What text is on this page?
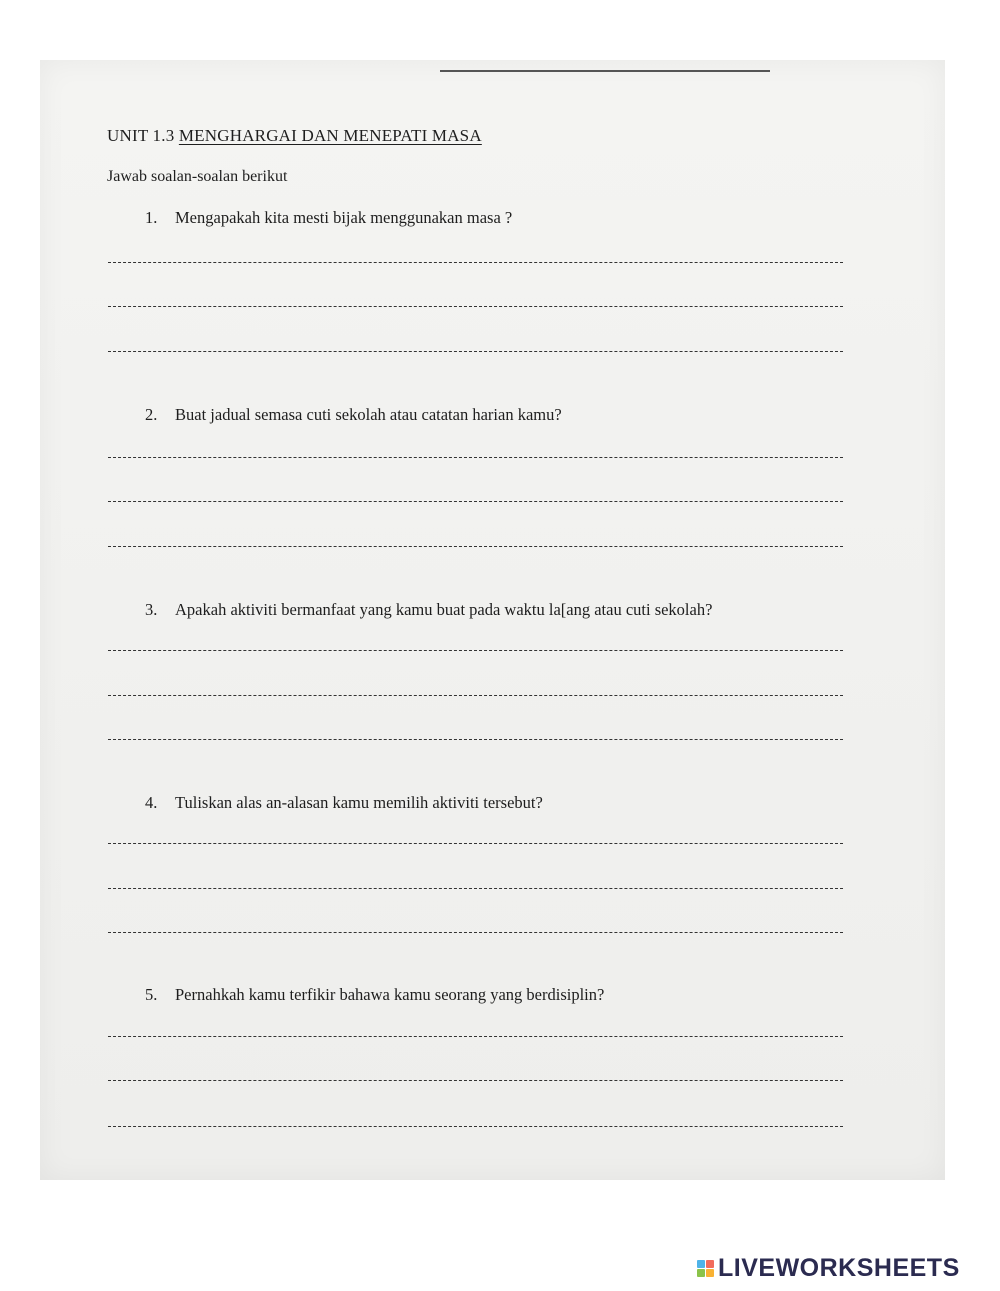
UNIT 1.3 MENGHARGAI DAN MENEPATI MASA
Jawab soalan-soalan berikut
1. Mengapakah kita mesti bijak menggunakan masa ?
2. Buat jadual semasa cuti sekolah atau catatan harian kamu?
3. Apakah aktiviti bermanfaat yang kamu buat pada waktu la[ang atau cuti sekolah?
4. Tuliskan alas an-alasan kamu memilih aktiviti tersebut?
5. Pernahkah kamu terfikir bahawa kamu seorang yang berdisiplin?
LIVEWORKSHEETS
